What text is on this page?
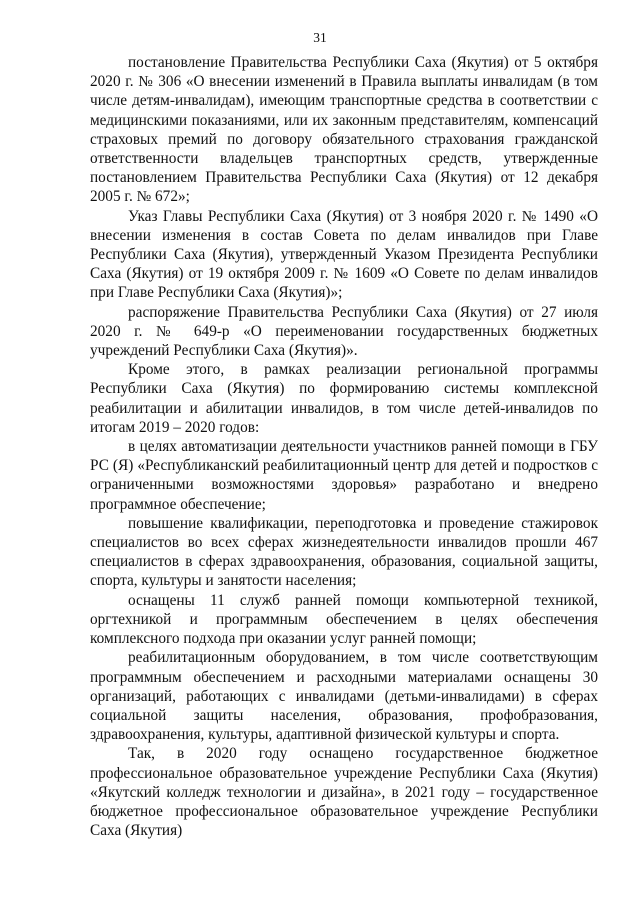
31

постановление Правительства Республики Саха (Якутия) от 5 октября 2020 г. № 306 «О внесении изменений в Правила выплаты инвалидам (в том числе детям-инвалидам), имеющим транспортные средства в соответствии с медицинскими показаниями, или их законным представителям, компенсаций страховых премий по договору обязательного страхования гражданской ответственности владельцев транспортных средств, утвержденные постановлением Правительства Республики Саха (Якутия) от 12 декабря 2005 г. № 672»;

Указ Главы Республики Саха (Якутия) от 3 ноября 2020 г. № 1490 «О внесении изменения в состав Совета по делам инвалидов при Главе Республики Саха (Якутия), утвержденный Указом Президента Республики Саха (Якутия) от 19 октября 2009 г. № 1609 «О Совете по делам инвалидов при Главе Республики Саха (Якутия)»;

распоряжение Правительства Республики Саха (Якутия) от 27 июля 2020 г. № 649-р «О переименовании государственных бюджетных учреждений Республики Саха (Якутия)».

Кроме этого, в рамках реализации региональной программы Республики Саха (Якутия) по формированию системы комплексной реабилитации и абилитации инвалидов, в том числе детей-инвалидов по итогам 2019 – 2020 годов:

в целях автоматизации деятельности участников ранней помощи в ГБУ РС (Я) «Республиканский реабилитационный центр для детей и подростков с ограниченными возможностями здоровья» разработано и внедрено программное обеспечение;

повышение квалификации, переподготовка и проведение стажировок специалистов во всех сферах жизнедеятельности инвалидов прошли 467 специалистов в сферах здравоохранения, образования, социальной защиты, спорта, культуры и занятости населения;

оснащены 11 служб ранней помощи компьютерной техникой, оргтехникой и программным обеспечением в целях обеспечения комплексного подхода при оказании услуг ранней помощи;

реабилитационным оборудованием, в том числе соответствующим программным обеспечением и расходными материалами оснащены 30 организаций, работающих с инвалидами (детьми-инвалидами) в сферах социальной защиты населения, образования, профобразования, здравоохранения, культуры, адаптивной физической культуры и спорта.

Так, в 2020 году оснащено государственное бюджетное профессиональное образовательное учреждение Республики Саха (Якутия) «Якутский колледж технологии и дизайна», в 2021 году – государственное бюджетное профессиональное образовательное учреждение Республики Саха (Якутия)
